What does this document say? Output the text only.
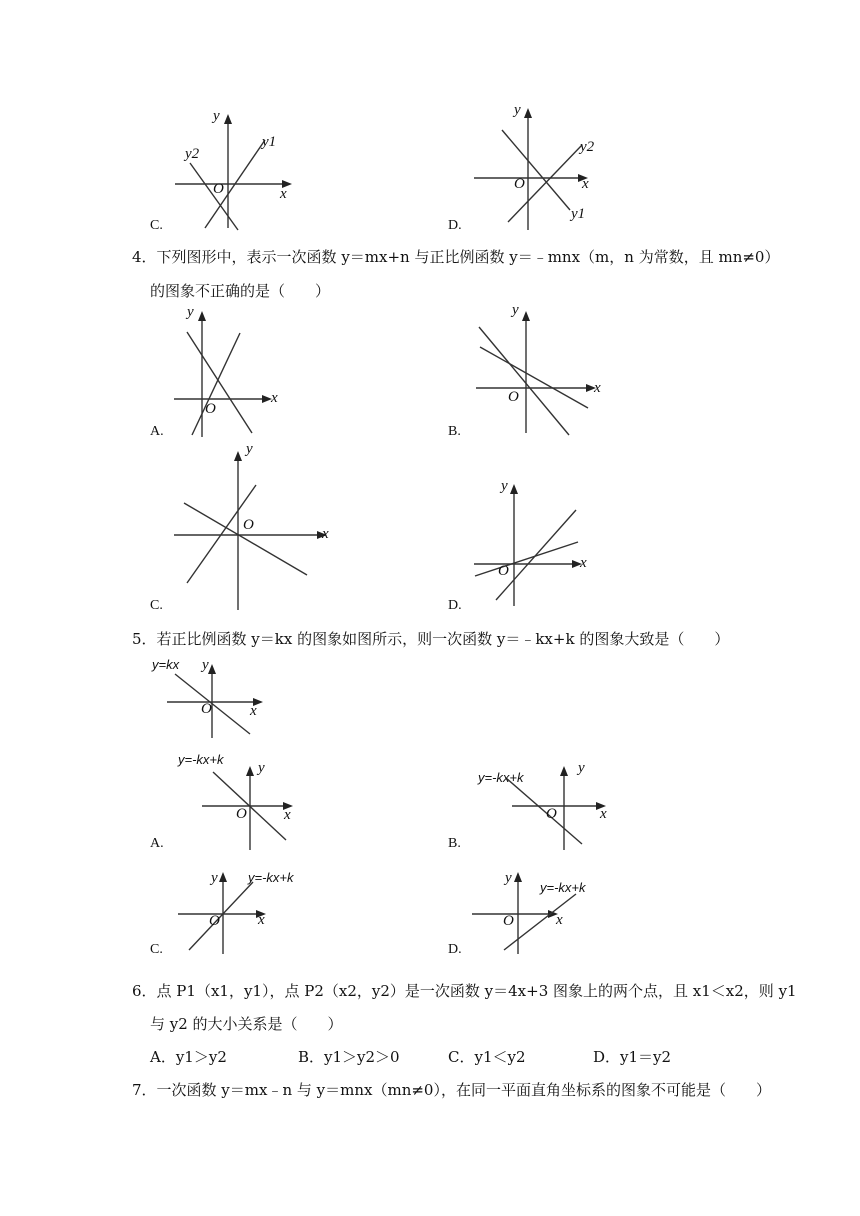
C.
y
x
O
y1
y2
D.
y
x
O
y1
y2
4．下列图形中，表示一次函数 y＝mx+n 与正比例函数 y＝﹣mnx（m，n 为常数，且 mn≠0）
的图象不正确的是（　　）
A.
y
x
O
B.
y
x
O
C.
y
x
O
D.
y
x
O
5．若正比例函数 y＝kx 的图象如图所示，则一次函数 y＝﹣kx+k 的图象大致是（　　）
y=kx y
x
O
A.
y=-kx+k
y
x
O
B.
y=-kx+k
y
x
O
C.
y=-kx+k
y
x
O
D.
y=-kx+k
y
x
O
6．点 P1（x1，y1），点 P2（x2，y2）是一次函数 y＝4x+3 图象上的两个点，且 x1＜x2，则 y1
与 y2 的大小关系是（　　）
A．y1＞y2	B．y1＞y2＞0	C．y1＜y2	D．y1＝y2
7．一次函数 y＝mx﹣n 与 y＝mnx（mn≠0），在同一平面直角坐标系的图象不可能是（　　）
